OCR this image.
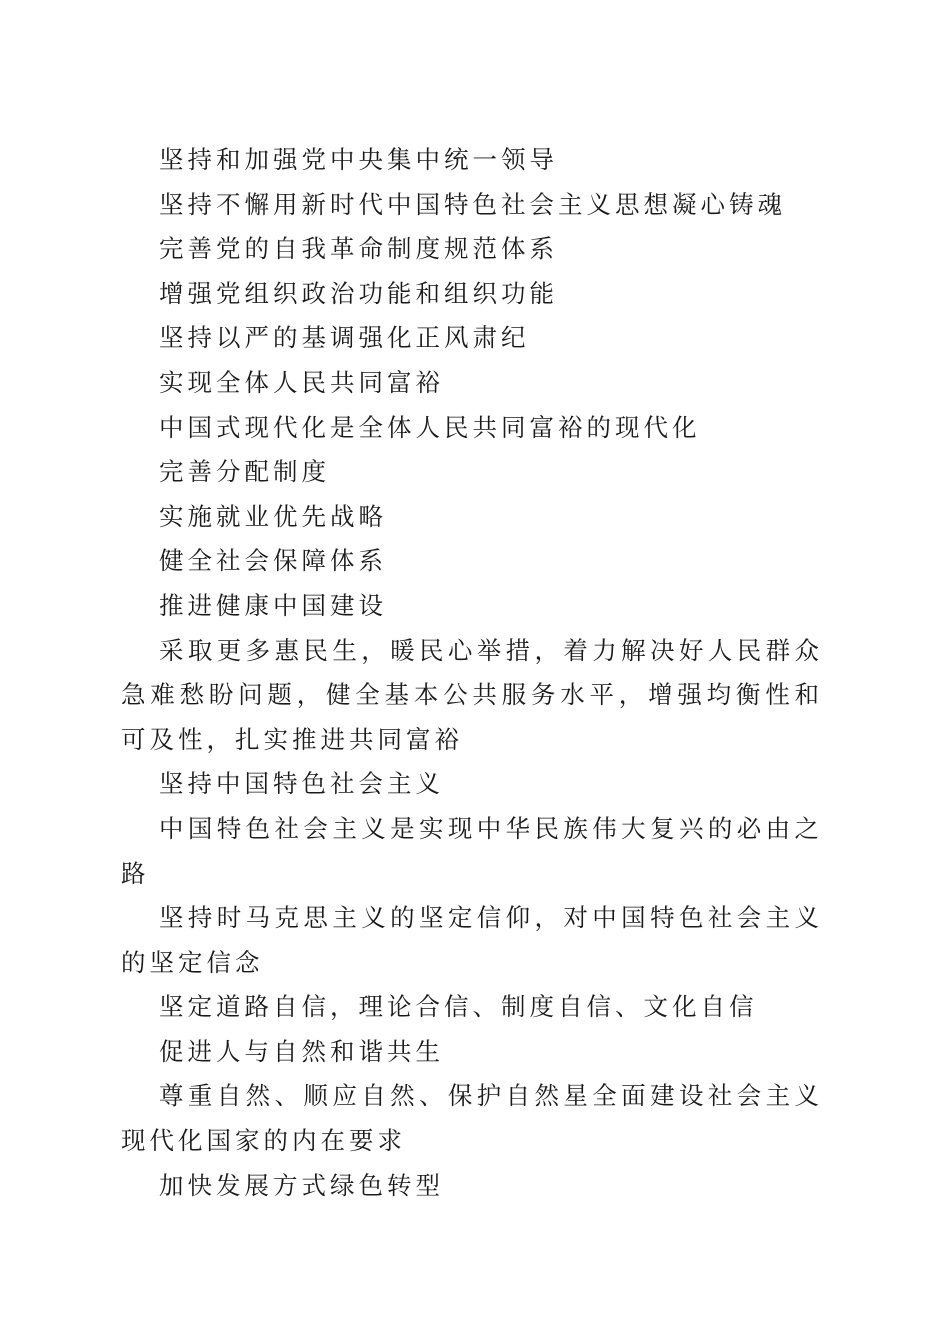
坚持和加强党中央集中统一领导

坚持不懈用新时代中国特色社会主义思想凝心铸魂

完善党的自我革命制度规范体系

增强党组织政治功能和组织功能

坚持以严的基调强化正风肃纪

实现全体人民共同富裕

中国式现代化是全体人民共同富裕的现代化

完善分配制度

实施就业优先战略

健全社会保障体系

推进健康中国建设

采取更多惠民生，暖民心举措，着力解决好人民群众急难愁盼问题，健全基本公共服务水平，增强均衡性和可及性，扎实推进共同富裕

坚持中国特色社会主义

中国特色社会主义是实现中华民族伟大复兴的必由之路

坚持时马克思主义的坚定信仰，对中国特色社会主义的坚定信念

坚定道路自信，理论合信、制度自信、文化自信

促进人与自然和谐共生

尊重自然、顺应自然、保护自然星全面建设社会主义现代化国家的内在要求

加快发展方式绿色转型
